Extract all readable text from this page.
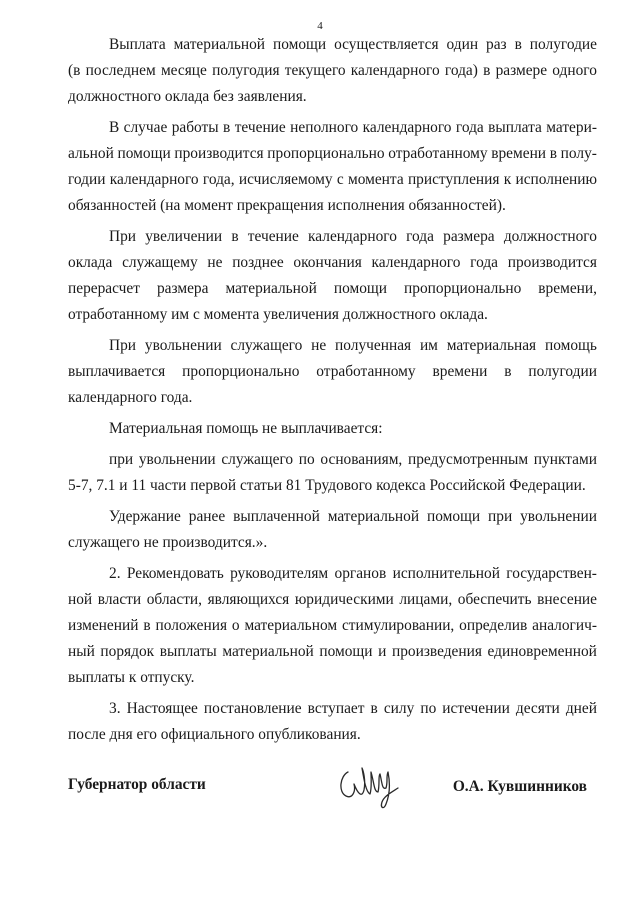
4
Выплата материальной помощи осуществляется один раз в полугодие
(в последнем месяце полугодия текущего календарного года) в размере одного
должностного оклада без заявления.
В случае работы в течение неполного календарного года выплата матери-
альной помощи производится пропорционально отработанному времени в полу-
годии календарного года, исчисляемому с момента приступления к исполнению
обязанностей (на момент прекращения исполнения обязанностей).
При увеличении в течение календарного года размера должностного
оклада служащему не позднее окончания календарного года производится
перерасчет размера материальной помощи пропорционально времени,
отработанному им с момента увеличения должностного оклада.
При увольнении служащего не полученная им материальная помощь
выплачивается пропорционально отработанному времени в полугодии
календарного года.
Материальная помощь не выплачивается:
при увольнении служащего по основаниям, предусмотренным пунктами
5-7, 7.1 и 11 части первой статьи 81 Трудового кодекса Российской Федерации.
Удержание ранее выплаченной материальной помощи при увольнении
служащего не производится.».
2. Рекомендовать руководителям органов исполнительной государствен-
ной власти области, являющихся юридическими лицами, обеспечить внесение
изменений в положения о материальном стимулировании, определив аналогич-
ный порядок выплаты материальной помощи и произведения единовременной
выплаты к отпуску.
3. Настоящее постановление вступает в силу по истечении десяти дней
после дня его официального опубликования.
Губернатор области	О.А. Кувшинников
